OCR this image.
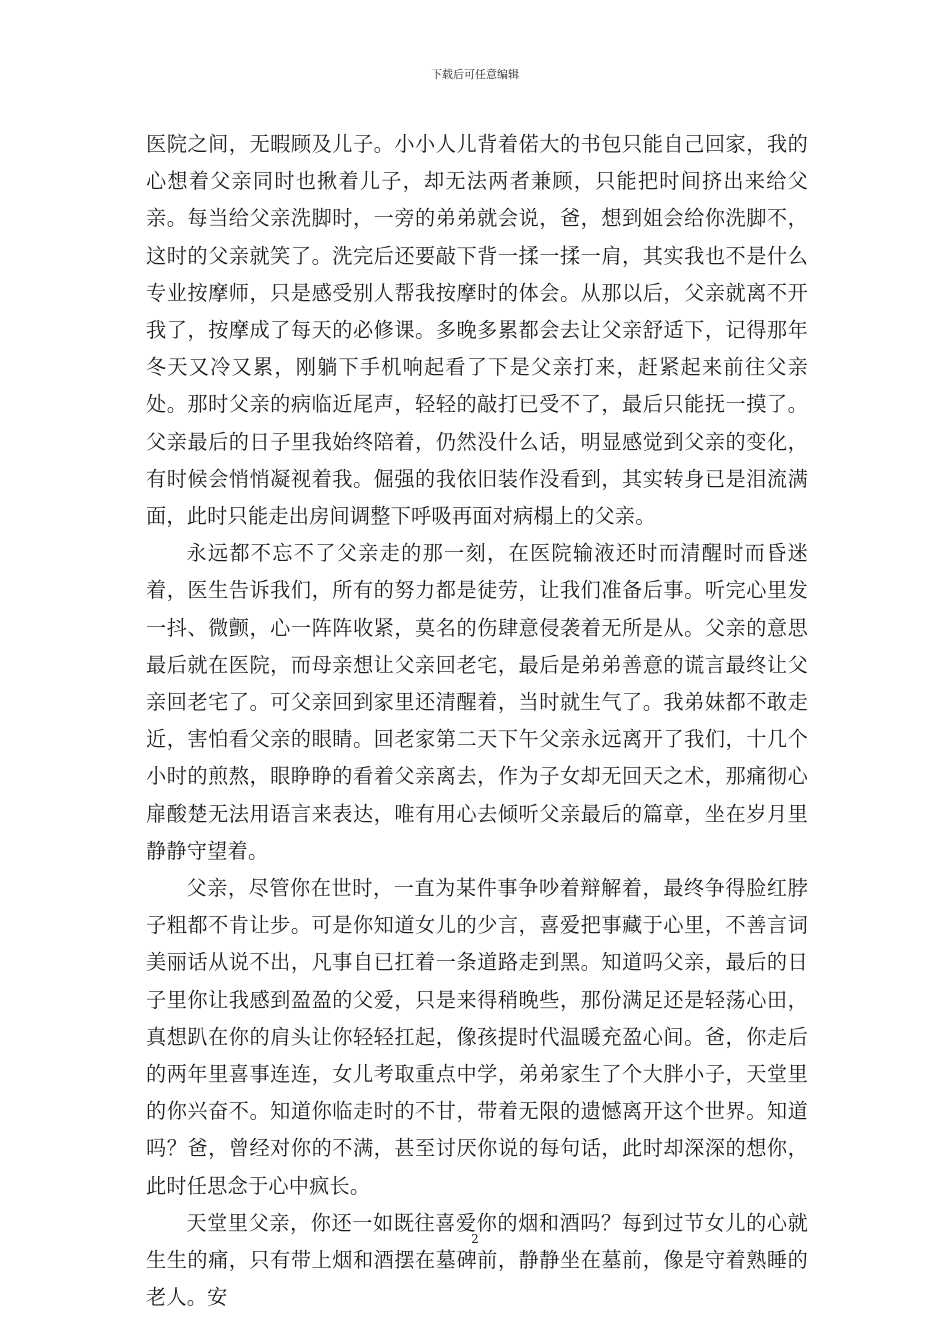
下载后可任意编辑

医院之间，无暇顾及儿子。小小人儿背着偌大的书包只能自己回家，我的心想着父亲同时也揪着儿子，却无法两者兼顾，只能把时间挤出来给父亲。每当给父亲洗脚时，一旁的弟弟就会说，爸，想到姐会给你洗脚不，这时的父亲就笑了。洗完后还要敲下背一揉一揉一肩，其实我也不是什么专业按摩师，只是感受别人帮我按摩时的体会。从那以后，父亲就离不开我了，按摩成了每天的必修课。多晚多累都会去让父亲舒适下，记得那年冬天又冷又累，刚躺下手机响起看了下是父亲打来，赶紧起来前往父亲处。那时父亲的病临近尾声，轻轻的敲打已受不了，最后只能抚一摸了。父亲最后的日子里我始终陪着，仍然没什么话，明显感觉到父亲的变化，有时候会悄悄凝视着我。倔强的我依旧装作没看到，其实转身已是泪流满面，此时只能走出房间调整下呼吸再面对病榻上的父亲。

永远都不忘不了父亲走的那一刻，在医院输液还时而清醒时而昏迷着，医生告诉我们，所有的努力都是徒劳，让我们准备后事。听完心里发一抖、微颤，心一阵阵收紧，莫名的伤肆意侵袭着无所是从。父亲的意思最后就在医院，而母亲想让父亲回老宅，最后是弟弟善意的谎言最终让父亲回老宅了。可父亲回到家里还清醒着，当时就生气了。我弟妹都不敢走近，害怕看父亲的眼睛。回老家第二天下午父亲永远离开了我们，十几个小时的煎熬，眼睁睁的看着父亲离去，作为子女却无回天之术，那痛彻心扉酸楚无法用语言来表达，唯有用心去倾听父亲最后的篇章，坐在岁月里静静守望着。

父亲，尽管你在世时，一直为某件事争吵着辩解着，最终争得脸红脖子粗都不肯让步。可是你知道女儿的少言，喜爱把事藏于心里，不善言词美丽话从说不出，凡事自已扛着一条道路走到黑。知道吗父亲，最后的日子里你让我感到盈盈的父爱，只是来得稍晚些，那份满足还是轻荡心田，真想趴在你的肩头让你轻轻扛起，像孩提时代温暖充盈心间。爸，你走后的两年里喜事连连，女儿考取重点中学，弟弟家生了个大胖小子，天堂里的你兴奋不。知道你临走时的不甘，带着无限的遗憾离开这个世界。知道吗？爸，曾经对你的不满，甚至讨厌你说的每句话，此时却深深的想你，此时任思念于心中疯长。

天堂里父亲，你还一如既往喜爱你的烟和酒吗？每到过节女儿的心就生生的痛，只有带上烟和酒摆在墓碑前，静静坐在墓前，像是守着熟睡的老人。安

2
